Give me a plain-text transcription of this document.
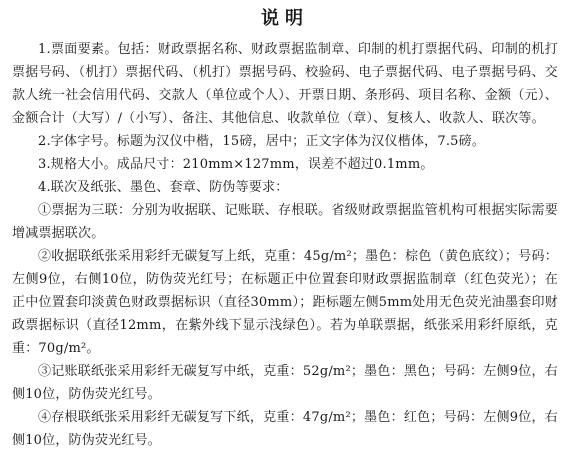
说明

1.票面要素。包括：财政票据名称、财政票据监制章、印制的机打票据代码、印制的机打票据号码、（机打）票据代码、（机打）票据号码、校验码、电子票据代码、电子票据号码、交款人统一社会信用代码、交款人（单位或个人）、开票日期、条形码、项目名称、金额（元）、金额合计（大写）/（小写）、备注、其他信息、收款单位（章）、复核人、收款人、联次等。

2.字体字号。标题为汉仪中楷，15磅，居中；正文字体为汉仪楷体，7.5磅。

3.规格大小。成品尺寸：210mm×127mm，误差不超过0.1mm。

4.联次及纸张、墨色、套章、防伪等要求：

①票据为三联：分别为收据联、记账联、存根联。省级财政票据监管机构可根据实际需要增减票据联次。

②收据联纸张采用彩纤无碳复写上纸，克重：45g/m²；墨色：棕色（黄色底纹）；号码：左侧9位，右侧10位，防伪荧光红号；在标题正中位置套印财政票据监制章（红色荧光）；在正中位置套印淡黄色财政票据标识（直径30mm）；距标题左侧5mm处用无色荧光油墨套印财政票据标识（直径12mm，在紫外线下显示浅绿色）。若为单联票据，纸张采用彩纤原纸，克重：70g/m²。

③记账联纸张采用彩纤无碳复写中纸，克重：52g/m²；墨色：黑色；号码：左侧9位，右侧10位，防伪荧光红号。

④存根联纸张采用彩纤无碳复写下纸，克重：47g/m²；墨色：红色；号码：左侧9位，右侧10位，防伪荧光红号。
